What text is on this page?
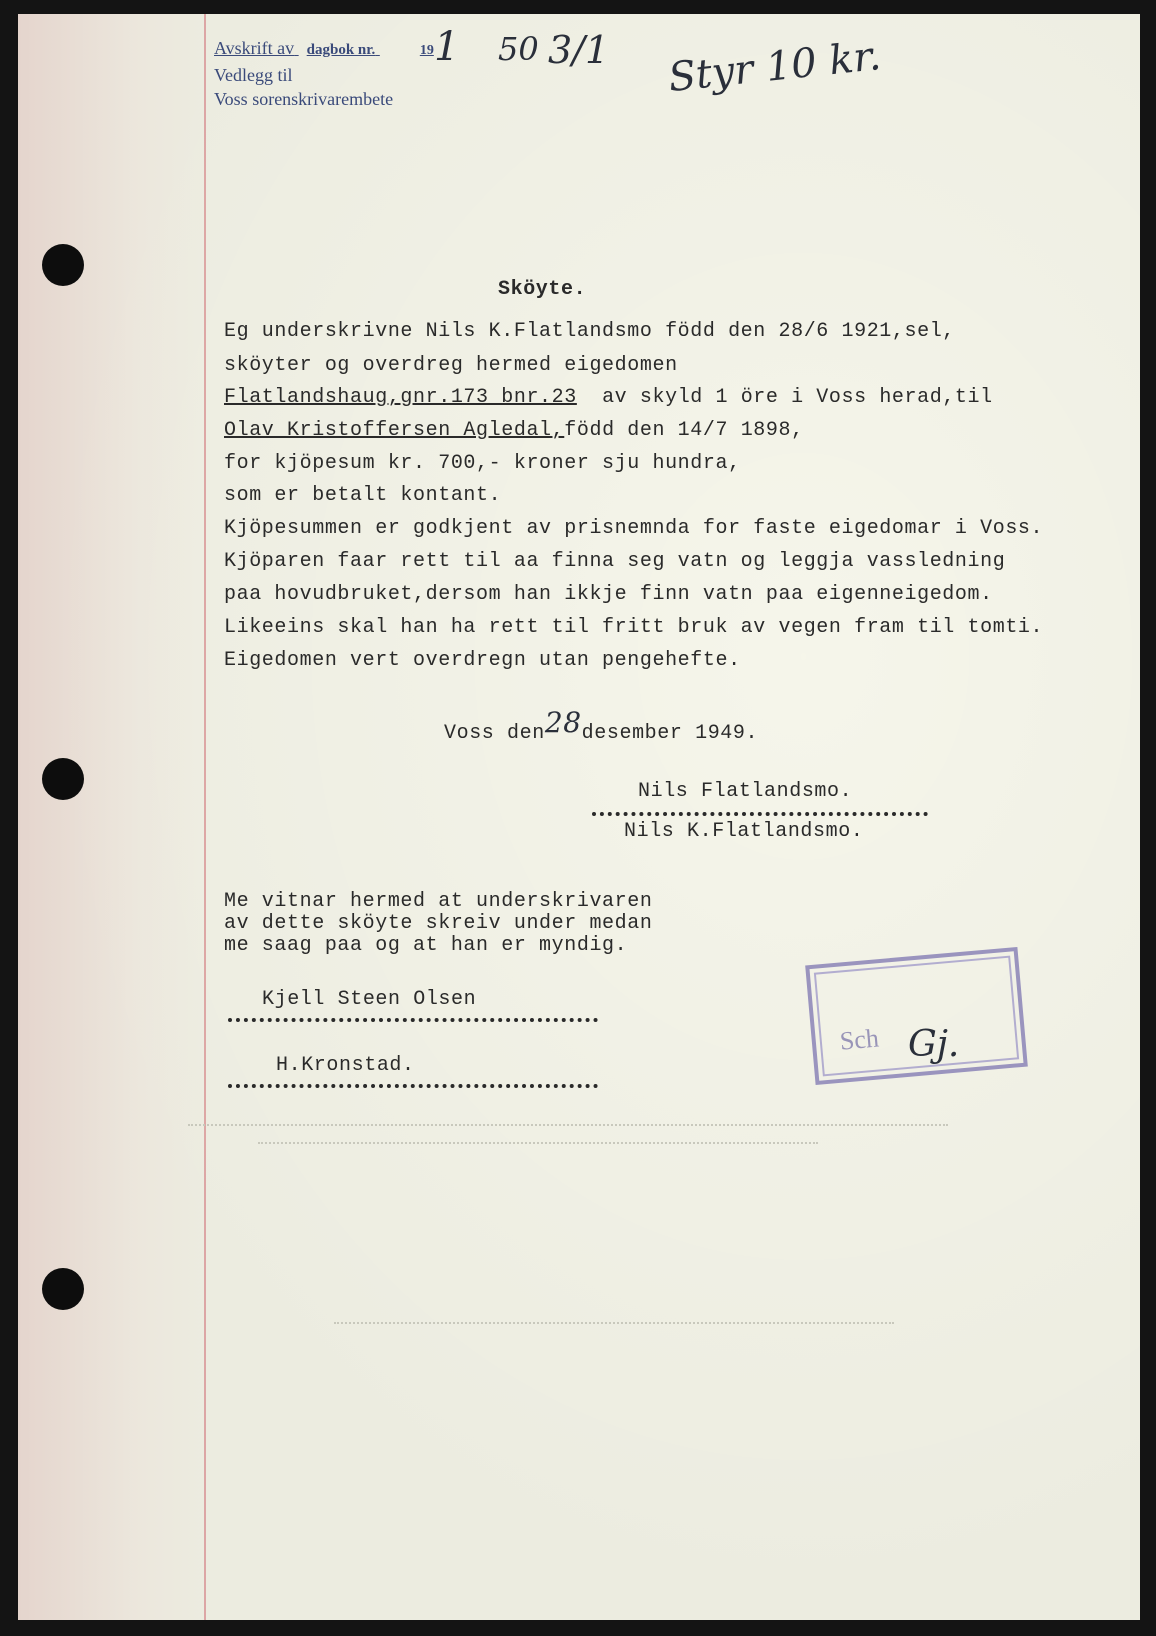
Avskrift av dagbok nr.	19
Vedlegg til
Voss sorenskrivarembete
1 50 3/1 Styr 10 kr.
Sköyte.
Eg underskrivne Nils K.Flatlandsmo född den 28/6 1921,sel,
sköyter og overdreg hermed eigedomen
Flatlandshaug,gnr.173 bnr.23 av skyld 1 öre i Voss herad,til
Olav Kristoffersen Agledal,född den 14/7 1898,
for kjöpesum kr. 700,- kroner sju hundra,
som er betalt kontant.
Kjöpesummen er godkjent av prisnemnda for faste eigedomar i Voss.
Kjöparen faar rett til aa finna seg vatn og leggja vassledning
paa hovudbruket,dersom han ikkje finn vatn paa eigenneigedom.
Likeeins skal han ha rett til fritt bruk av vegen fram til tomti.
Eigedomen vert overdregn utan pengehefte.
Voss den28desember 1949.
Nils Flatlandsmo.
Nils K.Flatlandsmo.
Me vitnar hermed at underskrivaren
av dette sköyte skreiv under medan
me saag paa og at han er myndig.
Kjell Steen Olsen
H.Kronstad.
Sch Gj.
